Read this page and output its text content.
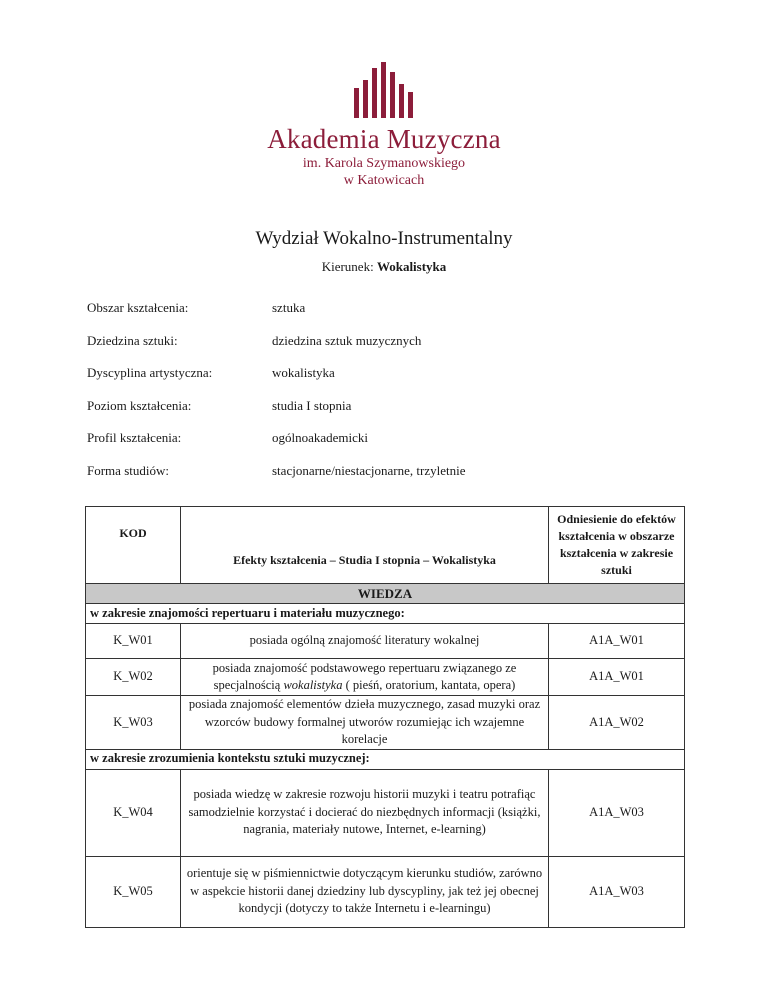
Akademia Muzyczna
im. Karola Szymanowskiego
w Katowicach
Wydział Wokalno-Instrumentalny
Kierunek: Wokalistyka
Obszar kształcenia:	sztuka
Dziedzina sztuki:	dziedzina sztuk muzycznych
Dyscyplina artystyczna:	wokalistyka
Poziom kształcenia:	studia I stopnia
Profil kształcenia:	ogólnoakademicki
Forma studiów:	stacjonarne/niestacjonarne, trzyletnie
KOD	Efekty kształcenia – Studia I stopnia – Wokalistyka	Odniesienie do efektów kształcenia w obszarze kształcenia w zakresie sztuki
WIEDZA		
w zakresie znajomości repertuaru i materiału muzycznego:		
K_W01	posiada ogólną znajomość literatury wokalnej	A1A_W01
K_W02	posiada znajomość podstawowego repertuaru związanego ze specjalnością wokalistyka ( pieśń, oratorium, kantata, opera)	A1A_W01
K_W03	posiada znajomość elementów dzieła muzycznego, zasad muzyki oraz wzorców budowy formalnej utworów rozumiejąc ich wzajemne korelacje	A1A_W02
w zakresie zrozumienia kontekstu sztuki muzycznej:		
K_W04	posiada wiedzę w zakresie rozwoju historii muzyki i teatru potrafiąc samodzielnie korzystać i docierać do niezbędnych informacji (książki, nagrania, materiały nutowe, Internet, e-learning)	A1A_W03
K_W05	orientuje się w piśmiennictwie dotyczącym kierunku studiów, zarówno w aspekcie historii danej dziedziny lub dyscypliny, jak też jej obecnej kondycji (dotyczy to także Internetu i e-learningu)	A1A_W03
